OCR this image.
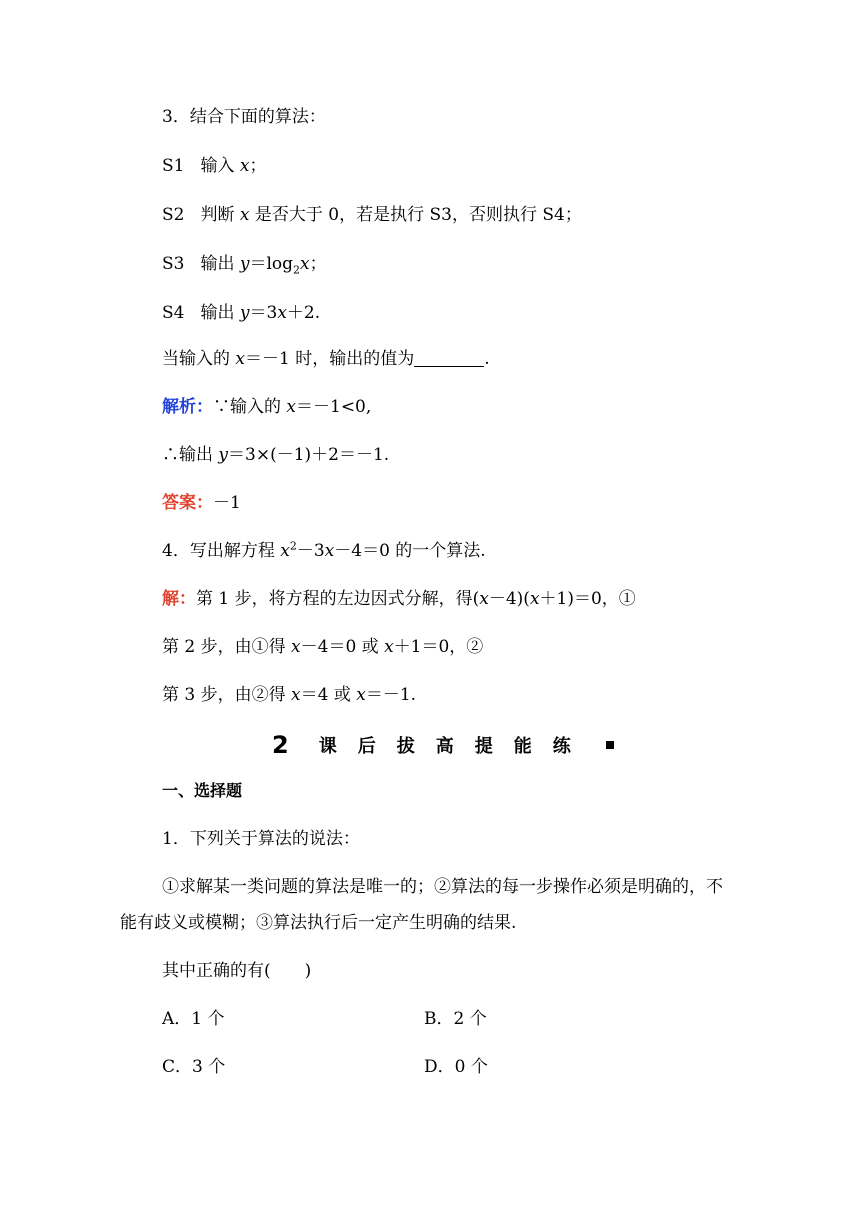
3．结合下面的算法：
S1 输入 x；
S2 判断 x 是否大于 0，若是执行 S3，否则执行 S4；
S3 输出 $y=\log_2x$；
S4 输出 y＝3x＋2.
当输入的 x＝－1 时，输出的值为	.
解析：∵输入的 x＝－1<0,
∴输出 y＝3×(－1)＋2＝－1.
答案：－1
4．写出解方程 $x^2-3x-4=0$ 的一个算法.
解：第 1 步，将方程的左边因式分解，得(x－4)(x＋1)＝0，①
第 2 步，由①得 x－4＝0 或 x＋1＝0，②
第 3 步，由②得 x＝4 或 x＝－1.
2 课 后 拔 高 提 能 练
一、选择题
1．下列关于算法的说法：
①求解某一类问题的算法是唯一的；②算法的每一步操作必须是明确的，不
能有歧义或模糊；③算法执行后一定产生明确的结果.
其中正确的有(　　)
A．1 个	B．2 个
C．3 个	D．0 个
